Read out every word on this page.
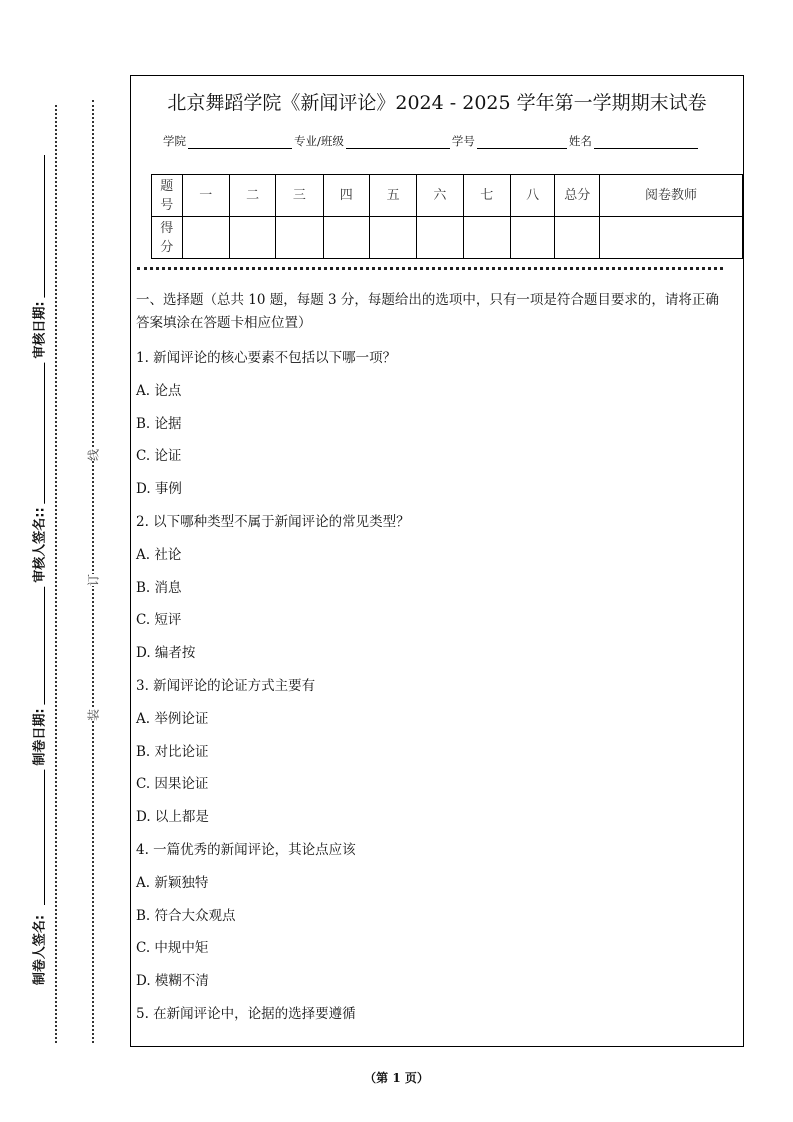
审核日期:
审核人签名::
制卷日期:
制卷人签名:
线
订
装
北京舞蹈学院《新闻评论》2024 - 2025 学年第一学期期末试卷
学院	专业/班级	学号	姓名
题号	一	二	三	四	五	六	七	八	总分	阅卷教师
得分										
一、选择题（总共 10 题，每题 3 分，每题给出的选项中，只有一项是符合题目要求的，请将正确答案填涂在答题卡相应位置）
1. 新闻评论的核心要素不包括以下哪一项？
A. 论点
B. 论据
C. 论证
D. 事例
2. 以下哪种类型不属于新闻评论的常见类型？
A. 社论
B. 消息
C. 短评
D. 编者按
3. 新闻评论的论证方式主要有
A. 举例论证
B. 对比论证
C. 因果论证
D. 以上都是
4. 一篇优秀的新闻评论，其论点应该
A. 新颖独特
B. 符合大众观点
C. 中规中矩
D. 模糊不清
5. 在新闻评论中，论据的选择要遵循
（第 1 页）
